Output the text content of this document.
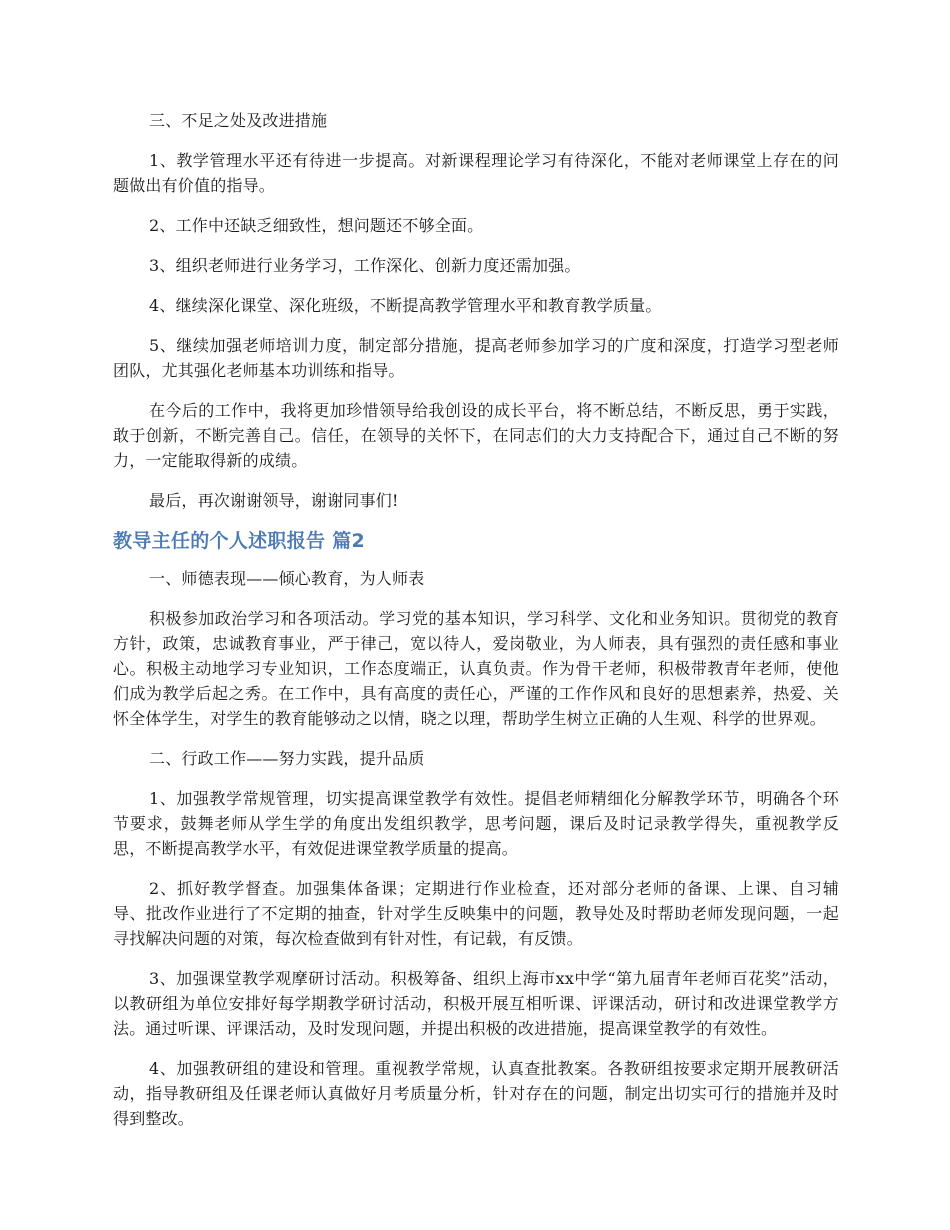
三、不足之处及改进措施

1、教学管理水平还有待进一步提高。对新课程理论学习有待深化，不能对老师课堂上存在的问题做出有价值的指导。

2、工作中还缺乏细致性，想问题还不够全面。

3、组织老师进行业务学习，工作深化、创新力度还需加强。

4、继续深化课堂、深化班级，不断提高教学管理水平和教育教学质量。

5、继续加强老师培训力度，制定部分措施，提高老师参加学习的广度和深度，打造学习型老师团队，尤其强化老师基本功训练和指导。

在今后的工作中，我将更加珍惜领导给我创设的成长平台，将不断总结，不断反思，勇于实践，敢于创新，不断完善自己。信任，在领导的关怀下，在同志们的大力支持配合下，通过自己不断的努力，一定能取得新的成绩。

最后，再次谢谢领导，谢谢同事们!

教导主任的个人述职报告 篇2

一、师德表现——倾心教育，为人师表

积极参加政治学习和各项活动。学习党的基本知识，学习科学、文化和业务知识。贯彻党的教育方针，政策，忠诚教育事业，严于律己，宽以待人，爱岗敬业，为人师表，具有强烈的责任感和事业心。积极主动地学习专业知识，工作态度端正，认真负责。作为骨干老师，积极带教青年老师，使他们成为教学后起之秀。在工作中，具有高度的责任心，严谨的工作作风和良好的思想素养，热爱、关怀全体学生，对学生的教育能够动之以情，晓之以理，帮助学生树立正确的人生观、科学的世界观。

二、行政工作——努力实践，提升品质

1、加强教学常规管理，切实提高课堂教学有效性。提倡老师精细化分解教学环节，明确各个环节要求，鼓舞老师从学生学的角度出发组织教学，思考问题，课后及时记录教学得失，重视教学反思，不断提高教学水平，有效促进课堂教学质量的提高。

2、抓好教学督查。加强集体备课；定期进行作业检查，还对部分老师的备课、上课、自习辅导、批改作业进行了不定期的抽查，针对学生反映集中的问题，教导处及时帮助老师发现问题，一起寻找解决问题的对策，每次检查做到有针对性，有记载，有反馈。

3、加强课堂教学观摩研讨活动。积极筹备、组织上海市xx中学“第九届青年老师百花奖”活动，以教研组为单位安排好每学期教学研讨活动，积极开展互相听课、评课活动，研讨和改进课堂教学方法。通过听课、评课活动，及时发现问题，并提出积极的改进措施，提高课堂教学的有效性。

4、加强教研组的建设和管理。重视教学常规，认真查批教案。各教研组按要求定期开展教研活动，指导教研组及任课老师认真做好月考质量分析，针对存在的问题，制定出切实可行的措施并及时得到整改。
